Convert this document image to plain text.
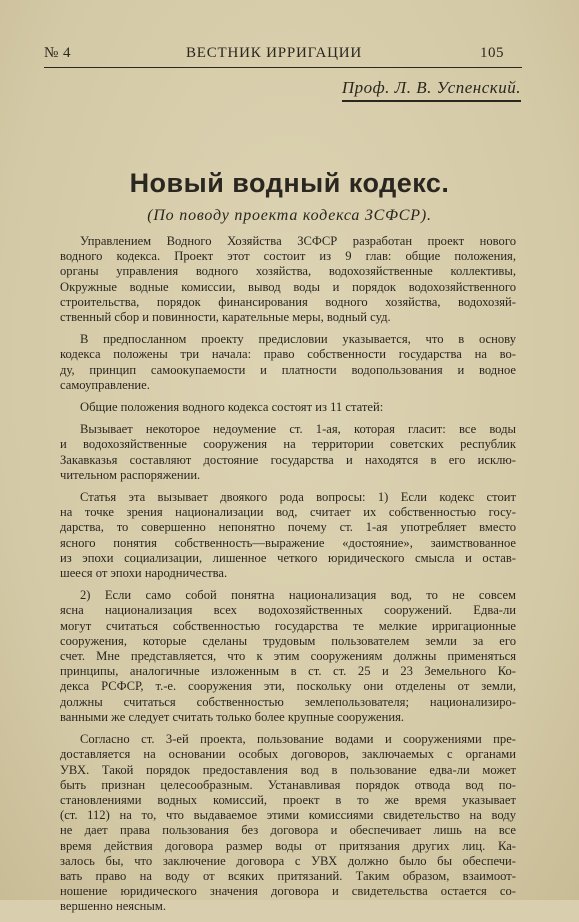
№ 4	ВЕСТНИК ИРРИГАЦИИ	105
Проф. Л. В. Успенский.
Новый водный кодекс.
(По поводу проекта кодекса ЗСФСР).

Управлением Водного Хозяйства ЗСФСР разработан проект нового
водного кодекса. Проект этот состоит из 9 глав: общие положения,
органы управления водного хозяйства, водохозяйственные коллективы,
Окружные водные комиссии, вывод воды и порядок водохозяйственного
строительства, порядок финансирования водного хозяйства, водохозяй-
ственный сбор и повинности, карательные меры, водный суд.

В предпосланном проекту предисловии указывается, что в основу
кодекса положены три начала: право собственности государства на во-
ду, принцип самоокупаемости и платности водопользования и водное
самоуправление.

Общие положения водного кодекса состоят из 11 статей:

Вызывает некоторое недоумение ст. 1-ая, которая гласит: все воды
и водохозяйственные сооружения на территории советских республик
Закавказья составляют достояние государства и находятся в его исклю-
чительном распоряжении.

Статья эта вызывает двоякого рода вопросы: 1) Если кодекс стоит
на точке зрения национализации вод, считает их собственностью госу-
дарства, то совершенно непонятно почему ст. 1-ая употребляет вместо
ясного понятия собственность—выражение «достояние», заимствованное
из эпохи социализации, лишенное четкого юридического смысла и остав-
шееся от эпохи народничества.

2) Если само собой понятна национализация вод, то не совсем
ясна национализация всех водохозяйственных сооружений. Едва-ли
могут считаться собственностью государства те мелкие ирригационные
сооружения, которые сделаны трудовым пользователем земли за его
счет. Мне представляется, что к этим сооружениям должны применяться
принципы, аналогичные изложенным в ст. ст. 25 и 23 Земельного Ко-
декса РСФСР, т.-е. сооружения эти, поскольку они отделены от земли,
должны считаться собственностью землепользователя; национализиро-
ванными же следует считать только более крупные сооружения.

Согласно ст. 3-ей проекта, пользование водами и сооружениями пре-
доставляется на основании особых договоров, заключаемых с органами
УВХ. Такой порядок предоставления вод в пользование едва-ли может
быть признан целесообразным. Устанавливая порядок отвода вод по-
становлениями водных комиссий, проект в то же время указывает
(ст. 112) на то, что выдаваемое этими комиссиями свидетельство на воду
не дает права пользования без договора и обеспечивает лишь на все
время действия договора размер воды от притязания других лиц. Ка-
залось бы, что заключение договора с УВХ должно было бы обеспечи-
вать право на воду от всяких притязаний. Таким образом, взаимоот-
ношение юридического значения договора и свидетельства остается со-
вершенно неясным.
